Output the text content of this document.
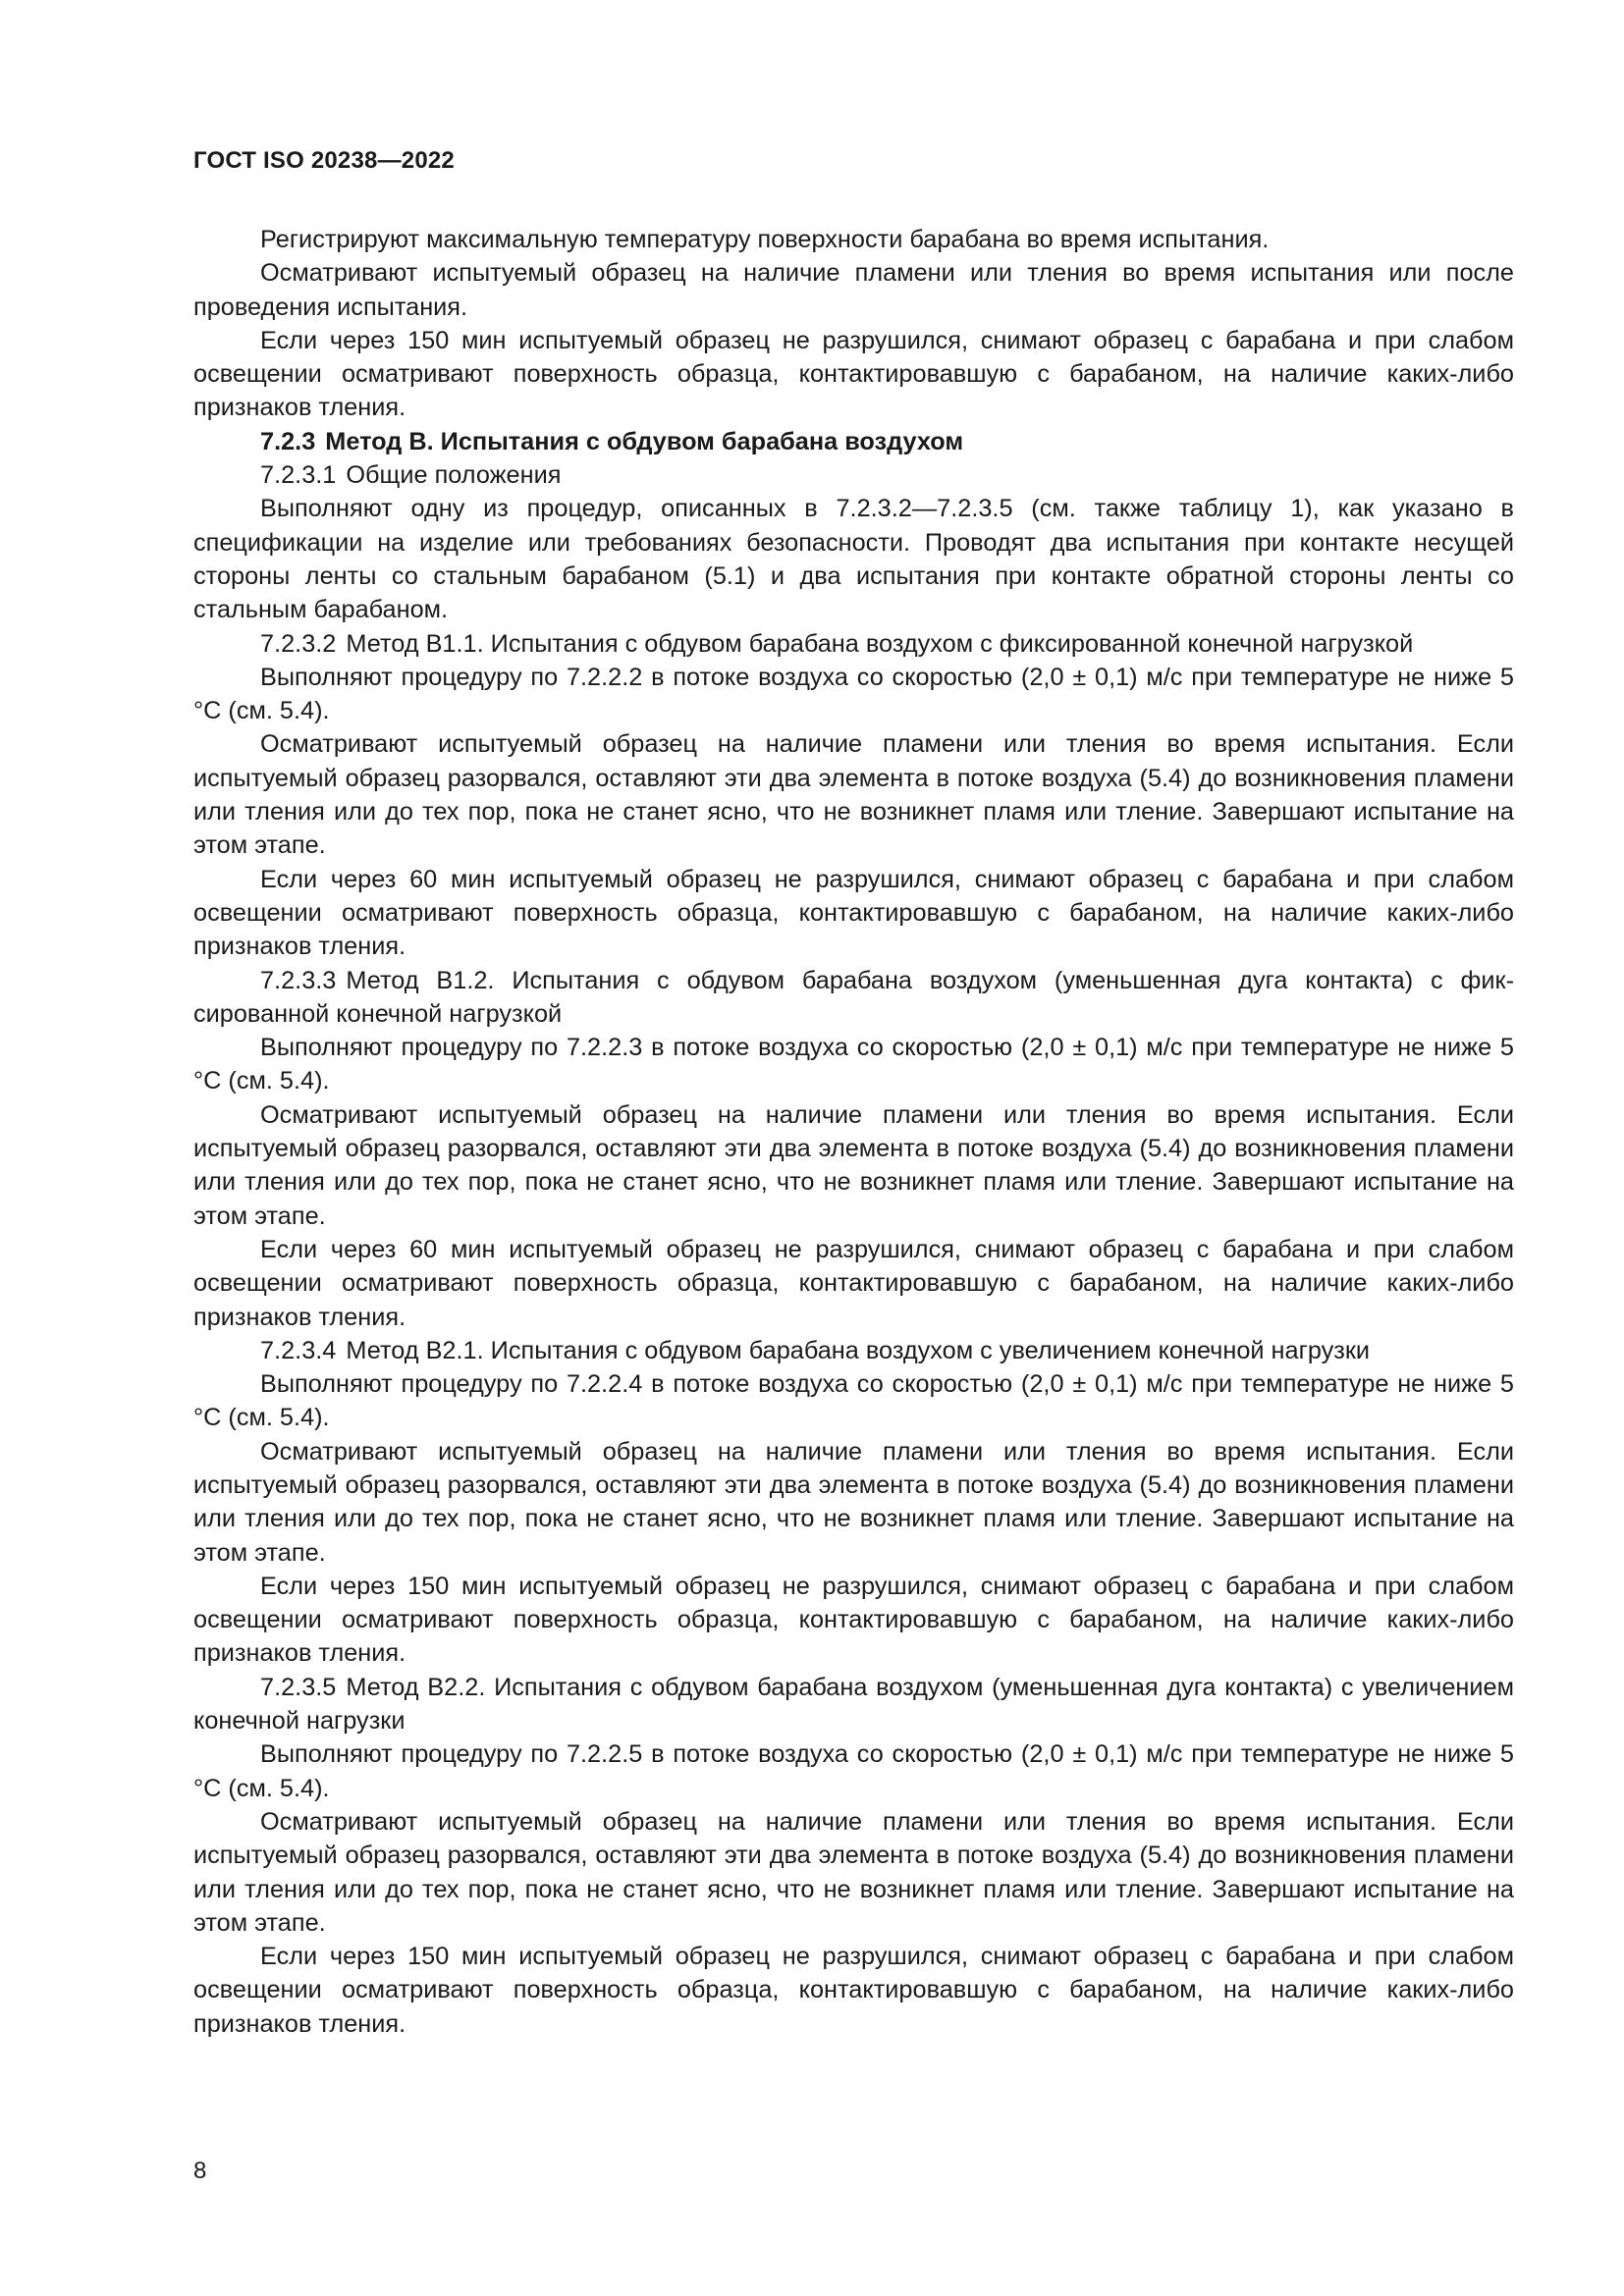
ГОСТ ISO 20238—2022

Регистрируют максимальную температуру поверхности барабана во время испытания.

Осматривают испытуемый образец на наличие пламени или тления во время испытания или после проведения испытания.

Если через 150 мин испытуемый образец не разрушился, снимают образец с барабана и при слабом освещении осматривают поверхность образца, контактировавшую с барабаном, на наличие каких-либо признаков тления.

7.2.3 Метод В. Испытания с обдувом барабана воздухом

7.2.3.1 Общие положения

Выполняют одну из процедур, описанных в 7.2.3.2—7.2.3.5 (см. также таблицу 1), как указано в спецификации на изделие или требованиях безопасности. Проводят два испытания при контакте несущей стороны ленты со стальным барабаном (5.1) и два испытания при контакте обратной стороны ленты со стальным барабаном.

7.2.3.2 Метод В1.1. Испытания с обдувом барабана воздухом с фиксированной конечной нагрузкой

Выполняют процедуру по 7.2.2.2 в потоке воздуха со скоростью (2,0 ± 0,1) м/с при температуре не ниже 5 °C (см. 5.4).

Осматривают испытуемый образец на наличие пламени или тления во время испытания. Если испытуемый образец разорвался, оставляют эти два элемента в потоке воздуха (5.4) до возникновения пламени или тления или до тех пор, пока не станет ясно, что не возникнет пламя или тление. Завершают испытание на этом этапе.

Если через 60 мин испытуемый образец не разрушился, снимают образец с барабана и при слабом освещении осматривают поверхность образца, контактировавшую с барабаном, на наличие каких-либо признаков тления.

7.2.3.3 Метод В1.2. Испытания с обдувом барабана воздухом (уменьшенная дуга контакта) с фиксированной конечной нагрузкой

Выполняют процедуру по 7.2.2.3 в потоке воздуха со скоростью (2,0 ± 0,1) м/с при температуре не ниже 5 °C (см. 5.4).

Осматривают испытуемый образец на наличие пламени или тления во время испытания. Если испытуемый образец разорвался, оставляют эти два элемента в потоке воздуха (5.4) до возникновения пламени или тления или до тех пор, пока не станет ясно, что не возникнет пламя или тление. Завершают испытание на этом этапе.

Если через 60 мин испытуемый образец не разрушился, снимают образец с барабана и при слабом освещении осматривают поверхность образца, контактировавшую с барабаном, на наличие каких-либо признаков тления.

7.2.3.4 Метод В2.1. Испытания с обдувом барабана воздухом с увеличением конечной нагрузки

Выполняют процедуру по 7.2.2.4 в потоке воздуха со скоростью (2,0 ± 0,1) м/с при температуре не ниже 5 °C (см. 5.4).

Осматривают испытуемый образец на наличие пламени или тления во время испытания. Если испытуемый образец разорвался, оставляют эти два элемента в потоке воздуха (5.4) до возникновения пламени или тления или до тех пор, пока не станет ясно, что не возникнет пламя или тление. Завершают испытание на этом этапе.

Если через 150 мин испытуемый образец не разрушился, снимают образец с барабана и при слабом освещении осматривают поверхность образца, контактировавшую с барабаном, на наличие каких-либо признаков тления.

7.2.3.5 Метод В2.2. Испытания с обдувом барабана воздухом (уменьшенная дуга контакта) с увеличением конечной нагрузки

Выполняют процедуру по 7.2.2.5 в потоке воздуха со скоростью (2,0 ± 0,1) м/с при температуре не ниже 5 °C (см. 5.4).

Осматривают испытуемый образец на наличие пламени или тления во время испытания. Если испытуемый образец разорвался, оставляют эти два элемента в потоке воздуха (5.4) до возникновения пламени или тления или до тех пор, пока не станет ясно, что не возникнет пламя или тление. Завершают испытание на этом этапе.

Если через 150 мин испытуемый образец не разрушился, снимают образец с барабана и при слабом освещении осматривают поверхность образца, контактировавшую с барабаном, на наличие каких-либо признаков тления.

8
